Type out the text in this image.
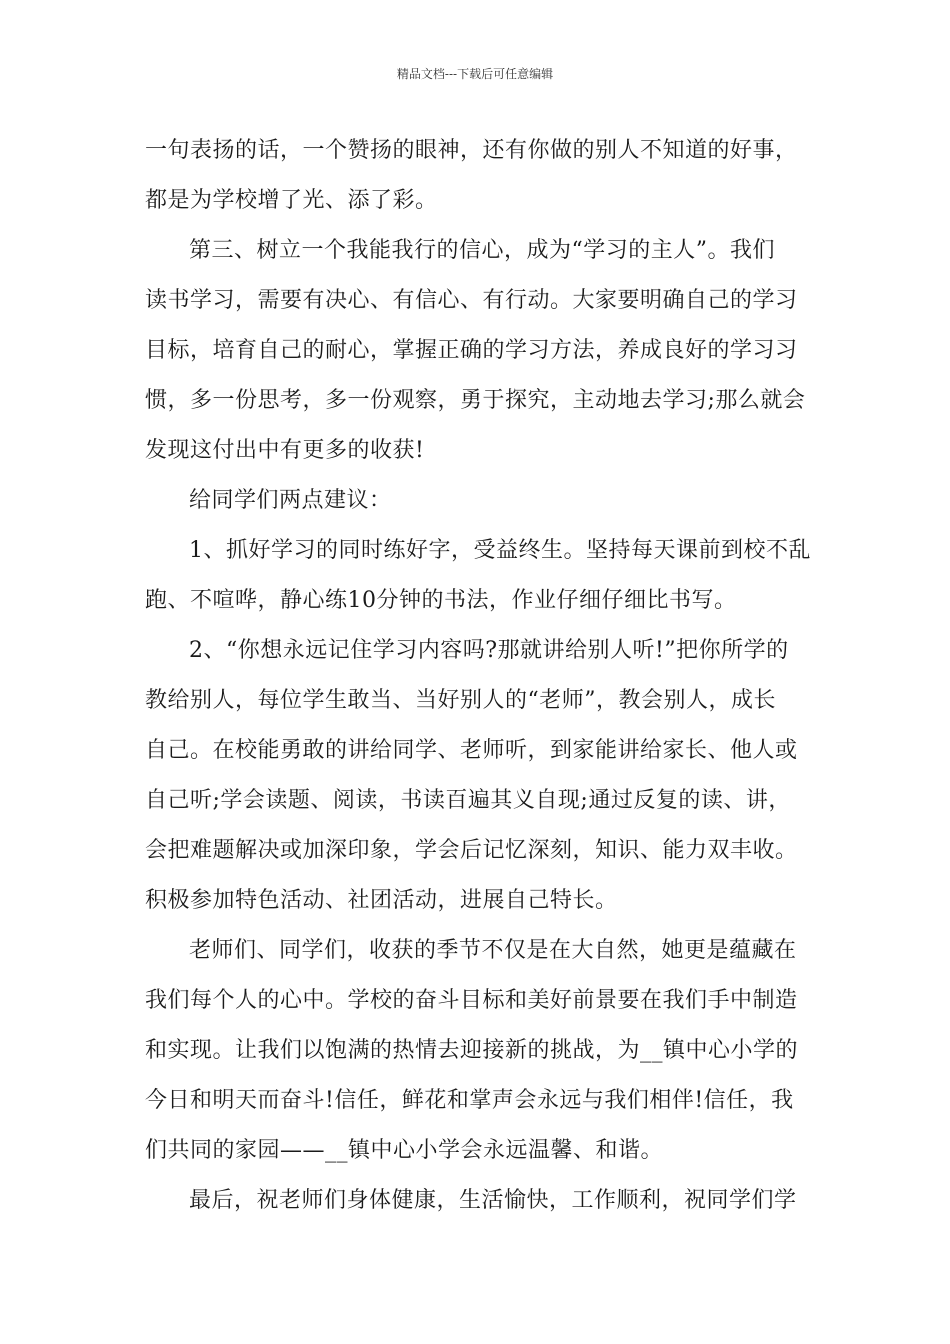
精品文档---下载后可任意编辑
一句表扬的话，一个赞扬的眼神，还有你做的别人不知道的好事，
都是为学校增了光、添了彩。
第三、树立一个我能我行的信心，成为“学习的主人”。我们
读书学习，需要有决心、有信心、有行动。大家要明确自己的学习
目标，培育自己的耐心，掌握正确的学习方法，养成良好的学习习
惯，多一份思考，多一份观察，勇于探究，主动地去学习;那么就会
发现这付出中有更多的收获!
给同学们两点建议：
1、抓好学习的同时练好字，受益终生。坚持每天课前到校不乱
跑、不喧哗，静心练10分钟的书法，作业仔细仔细比书写。
2、“你想永远记住学习内容吗?那就讲给别人听!”把你所学的
教给别人，每位学生敢当、当好别人的“老师”，教会别人，成长
自己。在校能勇敢的讲给同学、老师听，到家能讲给家长、他人或
自己听;学会读题、阅读，书读百遍其义自现;通过反复的读、讲，
会把难题解决或加深印象，学会后记忆深刻，知识、能力双丰收。
积极参加特色活动、社团活动，进展自己特长。
老师们、同学们，收获的季节不仅是在大自然，她更是蕴藏在
我们每个人的心中。学校的奋斗目标和美好前景要在我们手中制造
和实现。让我们以饱满的热情去迎接新的挑战，为__镇中心小学的
今日和明天而奋斗!信任，鲜花和掌声会永远与我们相伴!信任，我
们共同的家园——__镇中心小学会永远温馨、和谐。
最后，祝老师们身体健康，生活愉快，工作顺利，祝同学们学
